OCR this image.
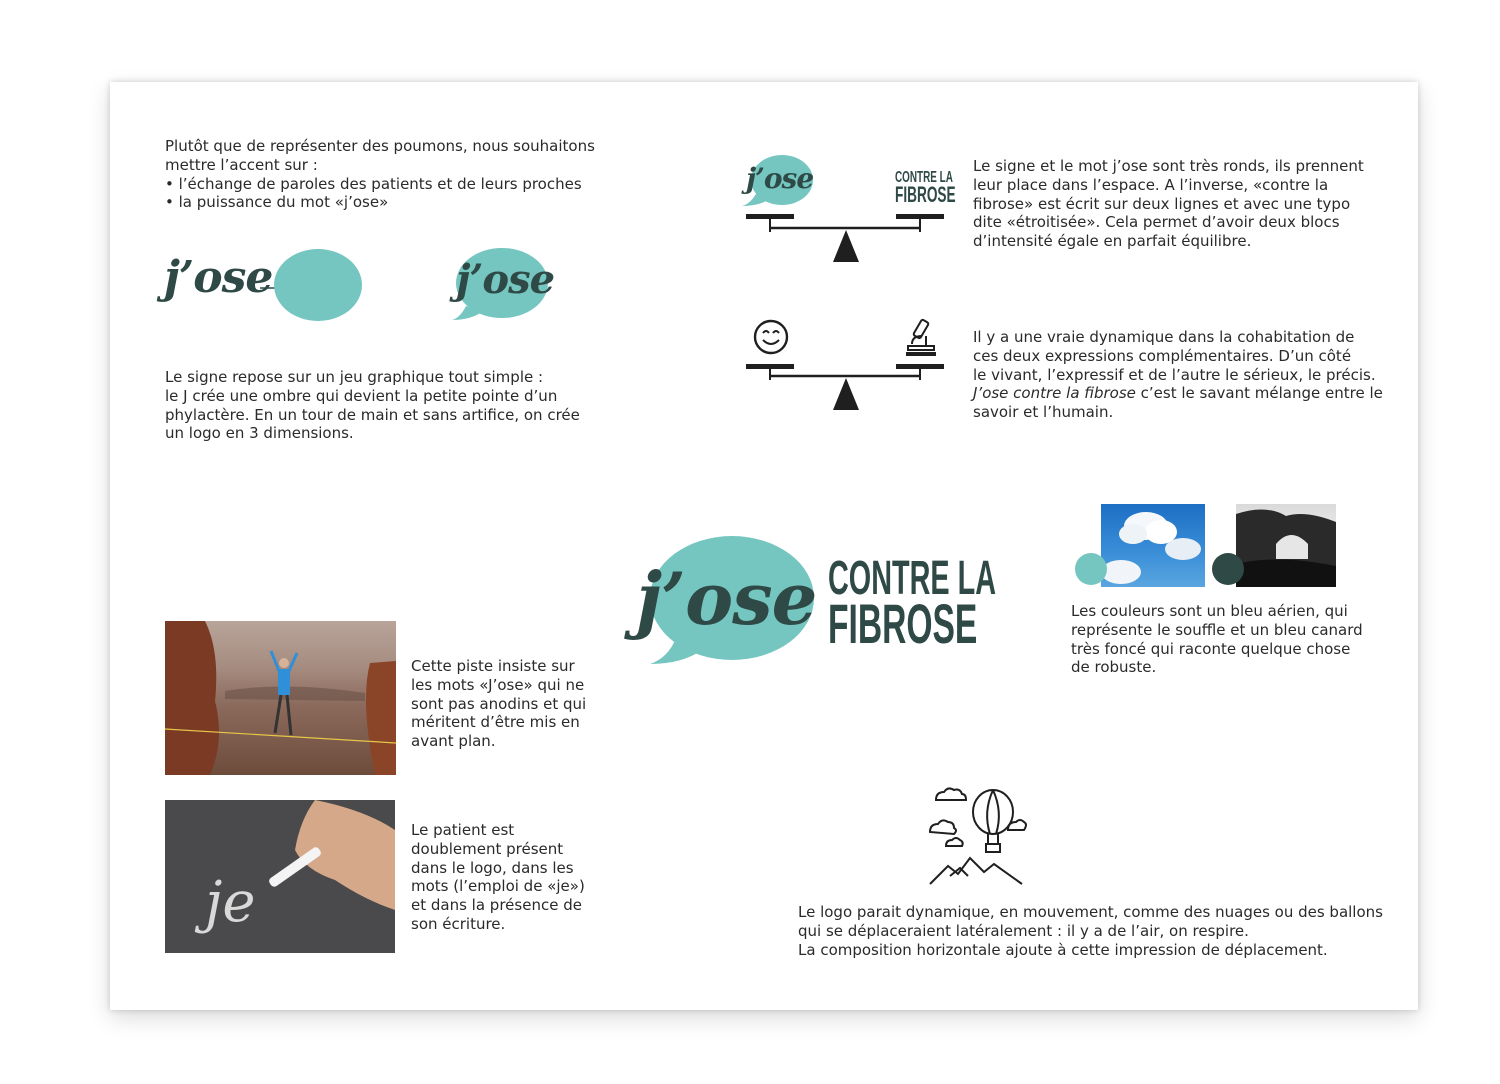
Plutôt que de représenter des poumons, nous souhaitons
mettre l’accent sur :
• l’échange de paroles des patients et de leurs proches
• la puissance du mot «j’ose»
j’ose	j’ose
Le signe repose sur un jeu graphique tout simple :
le J crée une ombre qui devient la petite pointe d’un
phylactère. En un tour de main et sans artifice, on crée
un logo en 3 dimensions.
j’ose	CONTRE LA
FIBROSE
Le signe et le mot j’ose sont très ronds, ils prennent
leur place dans l’espace. A l’inverse, «contre la
fibrose» est écrit sur deux lignes et avec une typo
dite «étroitisée». Cela permet d’avoir deux blocs
d’intensité égale en parfait équilibre.
Il y a une vraie dynamique dans la cohabitation de
ces deux expressions complémentaires. D’un côté
le vivant, l’expressif et de l’autre le sérieux, le précis.
J’ose contre la fibrose c’est le savant mélange entre le
savoir et l’humain.
j’ose CONTRE LA
FIBROSE	Les couleurs sont un bleu aérien, qui
représente le souffle et un bleu canard
très foncé qui raconte quelque chose
de robuste.
Cette piste insiste sur
les mots «J’ose» qui ne
sont pas anodins et qui
méritent d’être mis en
avant plan.
je
Le patient est
doublement présent
dans le logo, dans les
mots (l’emploi de «je»)
et dans la présence de
son écriture.
Le logo parait dynamique, en mouvement, comme des nuages ou des ballons
qui se déplaceraient latéralement : il y a de l’air, on respire.
La composition horizontale ajoute à cette impression de déplacement.
